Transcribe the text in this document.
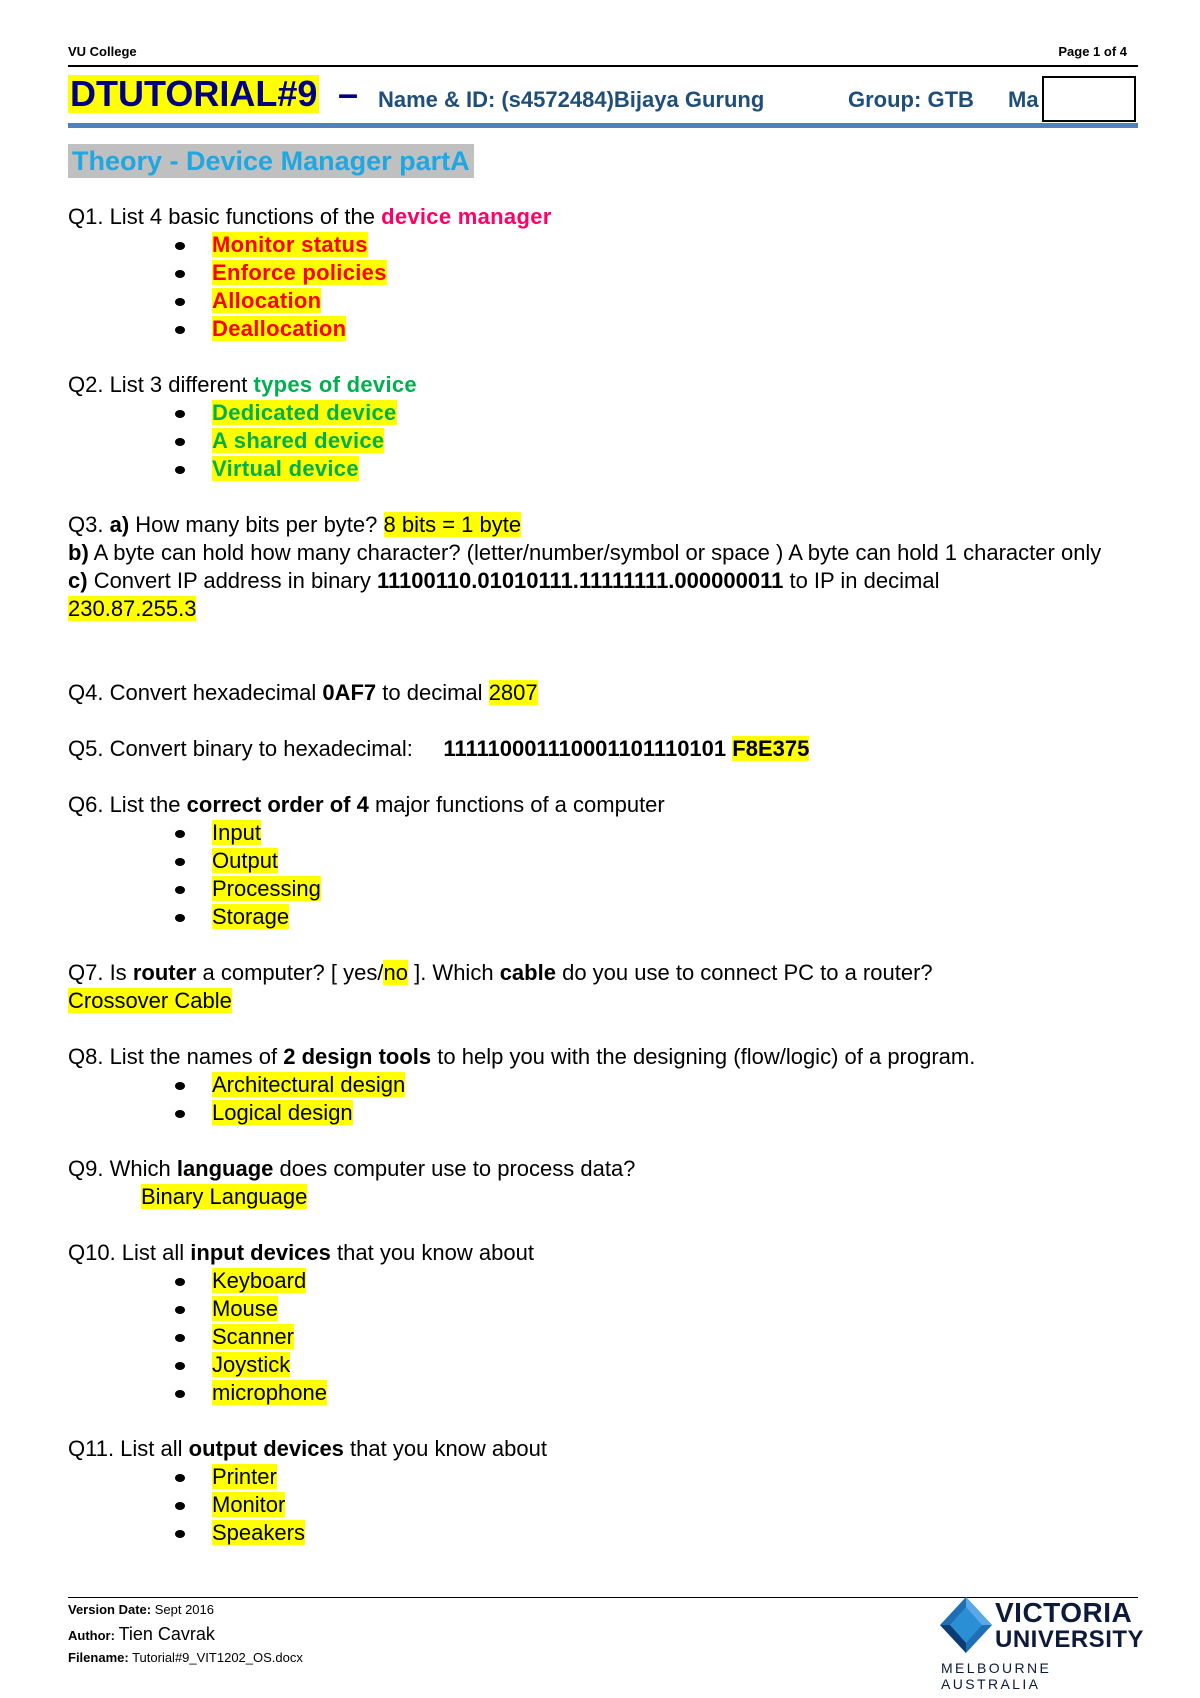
VU College	Page 1 of 4
DTUTORIAL#9 – Name & ID: (s4572484)Bijaya Gurung	Group: GTB Ma
Theory - Device Manager partA

Q1. List 4 basic functions of the device manager

Monitor status
Enforce policies
Allocation
Deallocation

Q2. List 3 different types of device

Dedicated device
A shared device
Virtual device

Q3. a) How many bits per byte? 8 bits = 1 byte

b) A byte can hold how many character? (letter/number/symbol or space ) A byte can hold 1 character only

c) Convert IP address in binary 11100110.01010111.11111111.000000011 to IP in decimal

230.87.255.3

Q4. Convert hexadecimal 0AF7 to decimal 2807

Q5. Convert binary to hexadecimal: 111110001110001101110101 F8E375

Q6. List the correct order of 4 major functions of a computer

Input
Output
Processing
Storage

Q7. Is router a computer? [ yes/no ]. Which cable do you use to connect PC to a router?

Crossover Cable

Q8. List the names of 2 design tools to help you with the designing (flow/logic) of a program.

Architectural design
Logical design

Q9. Which language does computer use to process data?

Binary Language

Q10. List all input devices that you know about

Keyboard
Mouse
Scanner
Joystick
microphone

Q11. List all output devices that you know about

Printer
Monitor
Speakers
Version Date: Sept 2016
Author: Tien Cavrak
Filename: Tutorial#9_VIT1202_OS.docx
VICTORIA
UNIVERSITY
MELBOURNE AUSTRALIA
